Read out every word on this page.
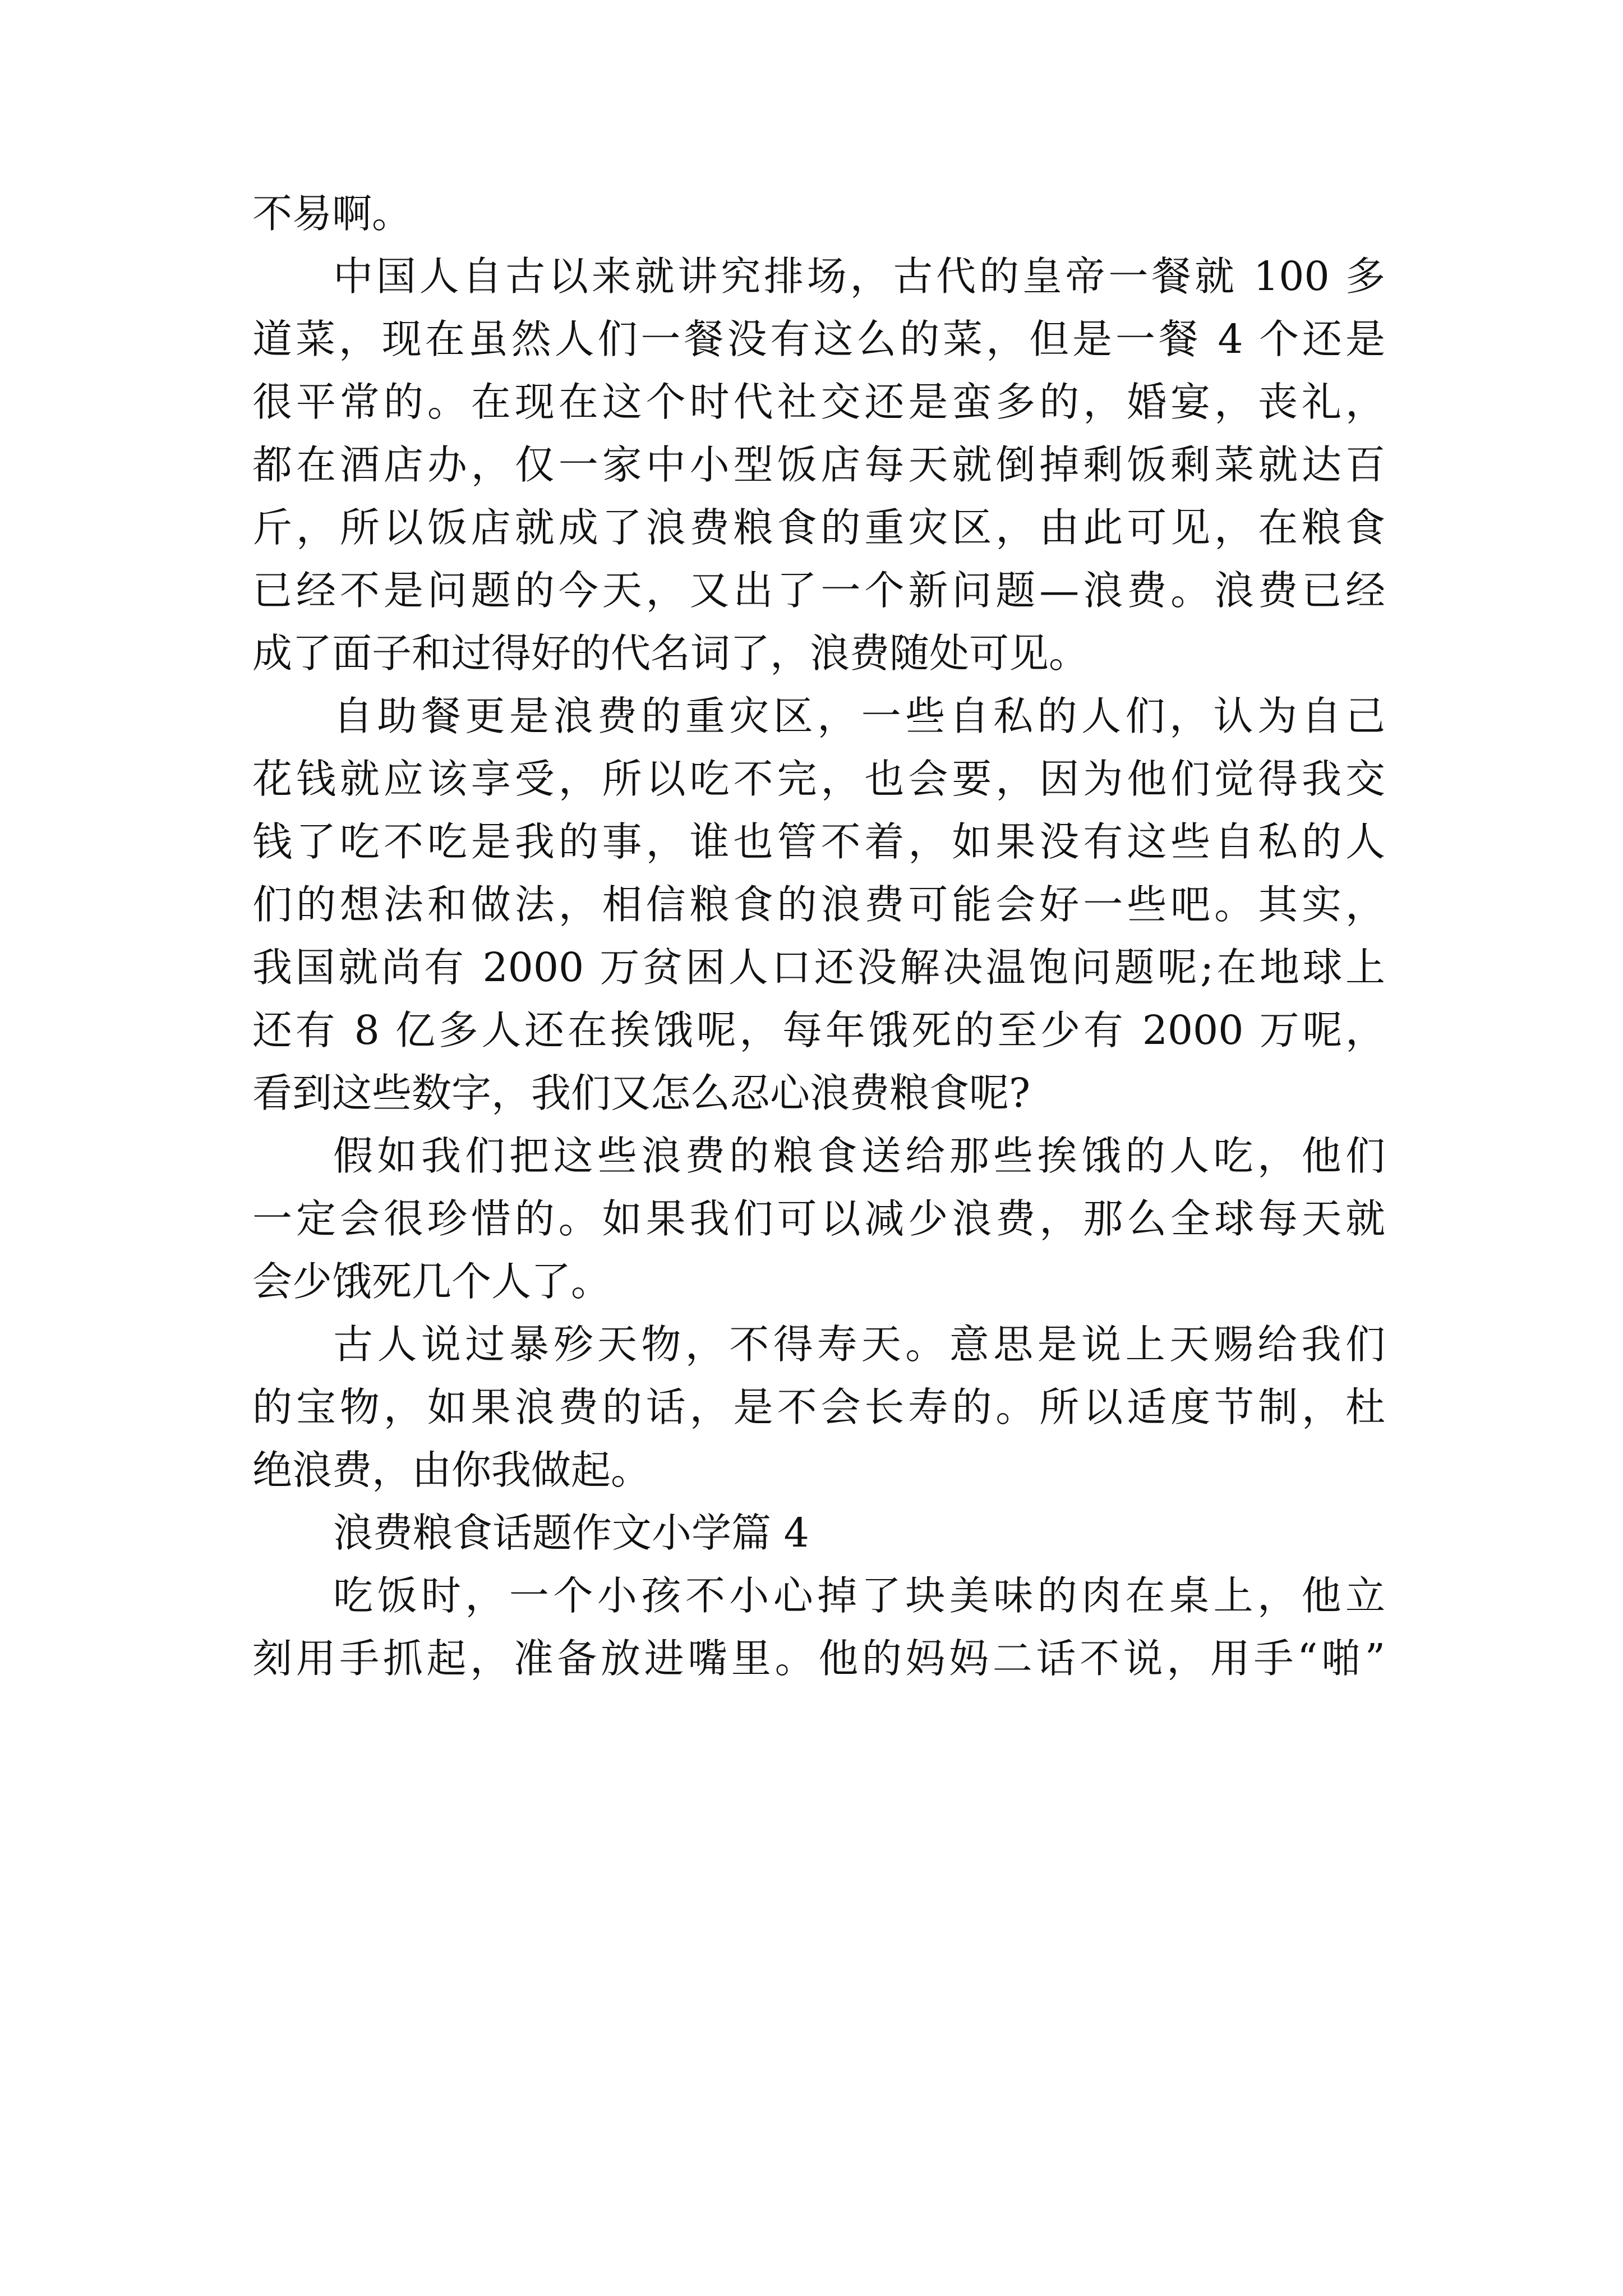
不易啊。
中国人自古以来就讲究排场，古代的皇帝一餐就 100 多
道菜，现在虽然人们一餐没有这么的菜，但是一餐 4 个还是
很平常的。在现在这个时代社交还是蛮多的，婚宴，丧礼，
都在酒店办，仅一家中小型饭店每天就倒掉剩饭剩菜就达百
斤，所以饭店就成了浪费粮食的重灾区，由此可见，在粮食
已经不是问题的今天，又出了一个新问题—浪费。浪费已经
成了面子和过得好的代名词了，浪费随处可见。
自助餐更是浪费的重灾区，一些自私的人们，认为自己
花钱就应该享受，所以吃不完，也会要，因为他们觉得我交
钱了吃不吃是我的事，谁也管不着，如果没有这些自私的人
们的想法和做法，相信粮食的浪费可能会好一些吧。其实，
我国就尚有 2000 万贫困人口还没解决温饱问题呢;在地球上
还有 8 亿多人还在挨饿呢，每年饿死的至少有 2000 万呢，
看到这些数字，我们又怎么忍心浪费粮食呢?
假如我们把这些浪费的粮食送给那些挨饿的人吃，他们
一定会很珍惜的。如果我们可以减少浪费，那么全球每天就
会少饿死几个人了。
古人说过暴殄天物，不得寿天。意思是说上天赐给我们
的宝物，如果浪费的话，是不会长寿的。所以适度节制，杜
绝浪费，由你我做起。
浪费粮食话题作文小学篇 4
吃饭时，一个小孩不小心掉了块美味的肉在桌上，他立
刻用手抓起，准备放进嘴里。他的妈妈二话不说，用手“啪”
